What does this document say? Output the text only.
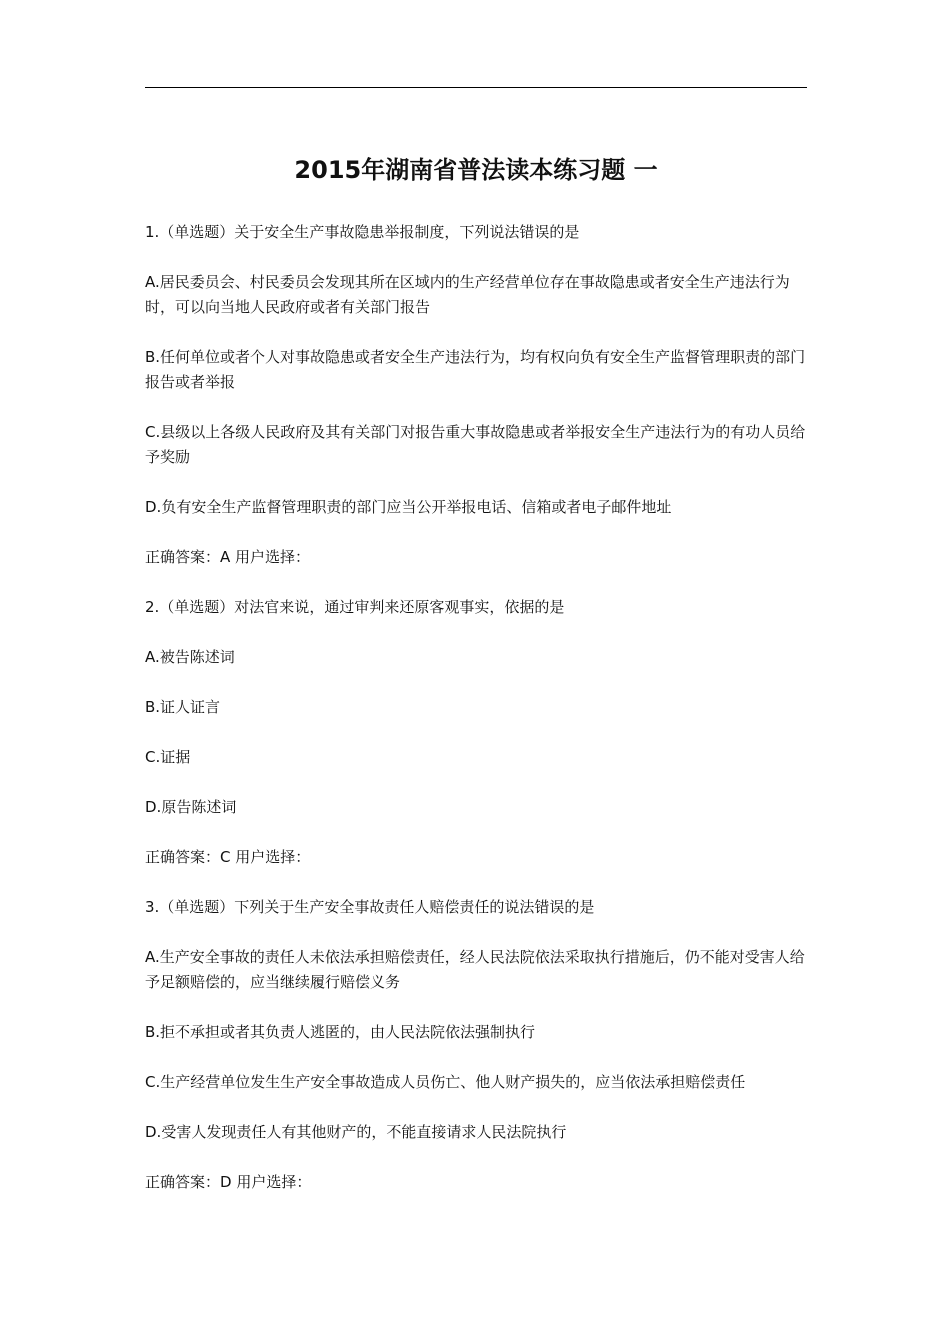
2015年湖南省普法读本练习题 一

1.（单选题）关于安全生产事故隐患举报制度，下列说法错误的是

A.居民委员会、村民委员会发现其所在区域内的生产经营单位存在事故隐患或者安全生产违法行为时，可以向当地人民政府或者有关部门报告

B.任何单位或者个人对事故隐患或者安全生产违法行为，均有权向负有安全生产监督管理职责的部门报告或者举报

C.县级以上各级人民政府及其有关部门对报告重大事故隐患或者举报安全生产违法行为的有功人员给予奖励

D.负有安全生产监督管理职责的部门应当公开举报电话、信箱或者电子邮件地址

正确答案：A 用户选择：

2.（单选题）对法官来说，通过审判来还原客观事实，依据的是

A.被告陈述词

B.证人证言

C.证据

D.原告陈述词

正确答案：C 用户选择：

3.（单选题）下列关于生产安全事故责任人赔偿责任的说法错误的是

A.生产安全事故的责任人未依法承担赔偿责任，经人民法院依法采取执行措施后，仍不能对受害人给予足额赔偿的，应当继续履行赔偿义务

B.拒不承担或者其负责人逃匿的，由人民法院依法强制执行

C.生产经营单位发生生产安全事故造成人员伤亡、他人财产损失的，应当依法承担赔偿责任

D.受害人发现责任人有其他财产的，不能直接请求人民法院执行

正确答案：D 用户选择：
